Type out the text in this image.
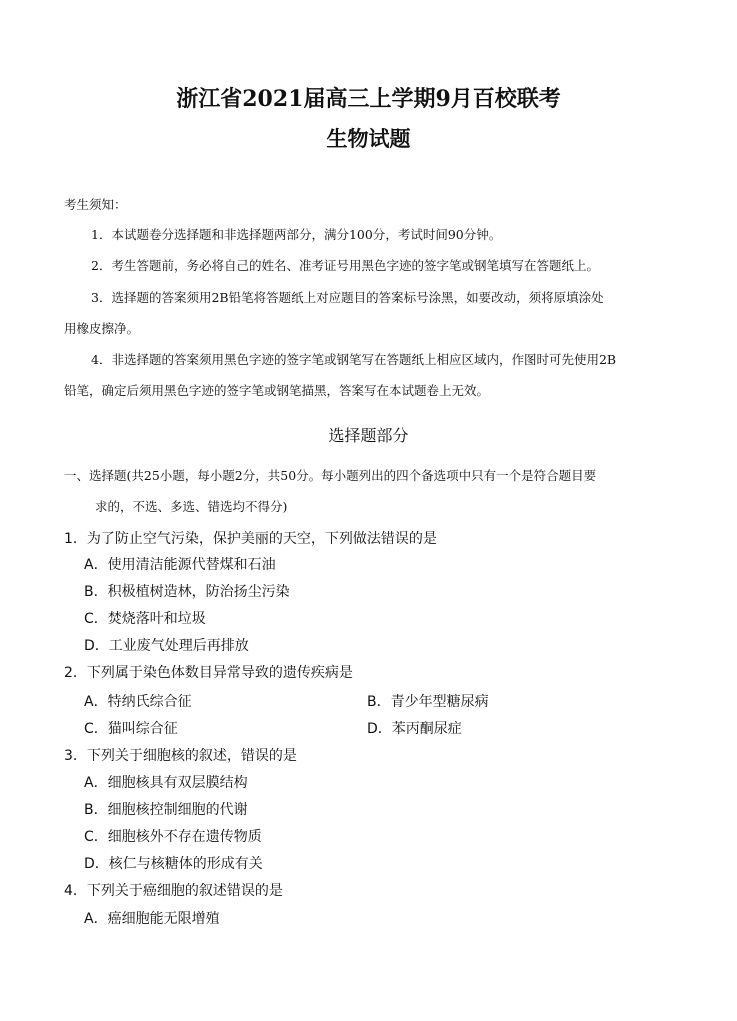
浙江省2021届高三上学期9月百校联考
生物试题
考生须知：
1．本试题卷分选择题和非选择题两部分，满分100分，考试时间90分钟。
2．考生答题前，务必将自己的姓名、准考证号用黑色字迹的签字笔或钢笔填写在答题纸上。
3．选择题的答案须用2B铅笔将答题纸上对应题目的答案标号涂黑，如要改动，须将原填涂处
用橡皮擦净。
4．非选择题的答案须用黑色字迹的签字笔或钢笔写在答题纸上相应区域内，作图时可先使用2B
铅笔，确定后须用黑色字迹的签字笔或钢笔描黑，答案写在本试题卷上无效。
选择题部分
一、选择题(共25小题，每小题2分，共50分。每小题列出的四个备选项中只有一个是符合题目要
求的，不选、多选、错选均不得分)
1．为了防止空气污染，保护美丽的天空，下列做法错误的是
A．使用清洁能源代替煤和石油
B．积极植树造林，防治扬尘污染
C．焚烧落叶和垃圾
D．工业废气处理后再排放
2．下列属于染色体数目异常导致的遗传疾病是
A．特纳氏综合征	B．青少年型糖尿病
C．猫叫综合征	D．苯丙酮尿症
3．下列关于细胞核的叙述，错误的是
A．细胞核具有双层膜结构
B．细胞核控制细胞的代谢
C．细胞核外不存在遗传物质
D．核仁与核糖体的形成有关
4．下列关于癌细胞的叙述错误的是
A．癌细胞能无限增殖
